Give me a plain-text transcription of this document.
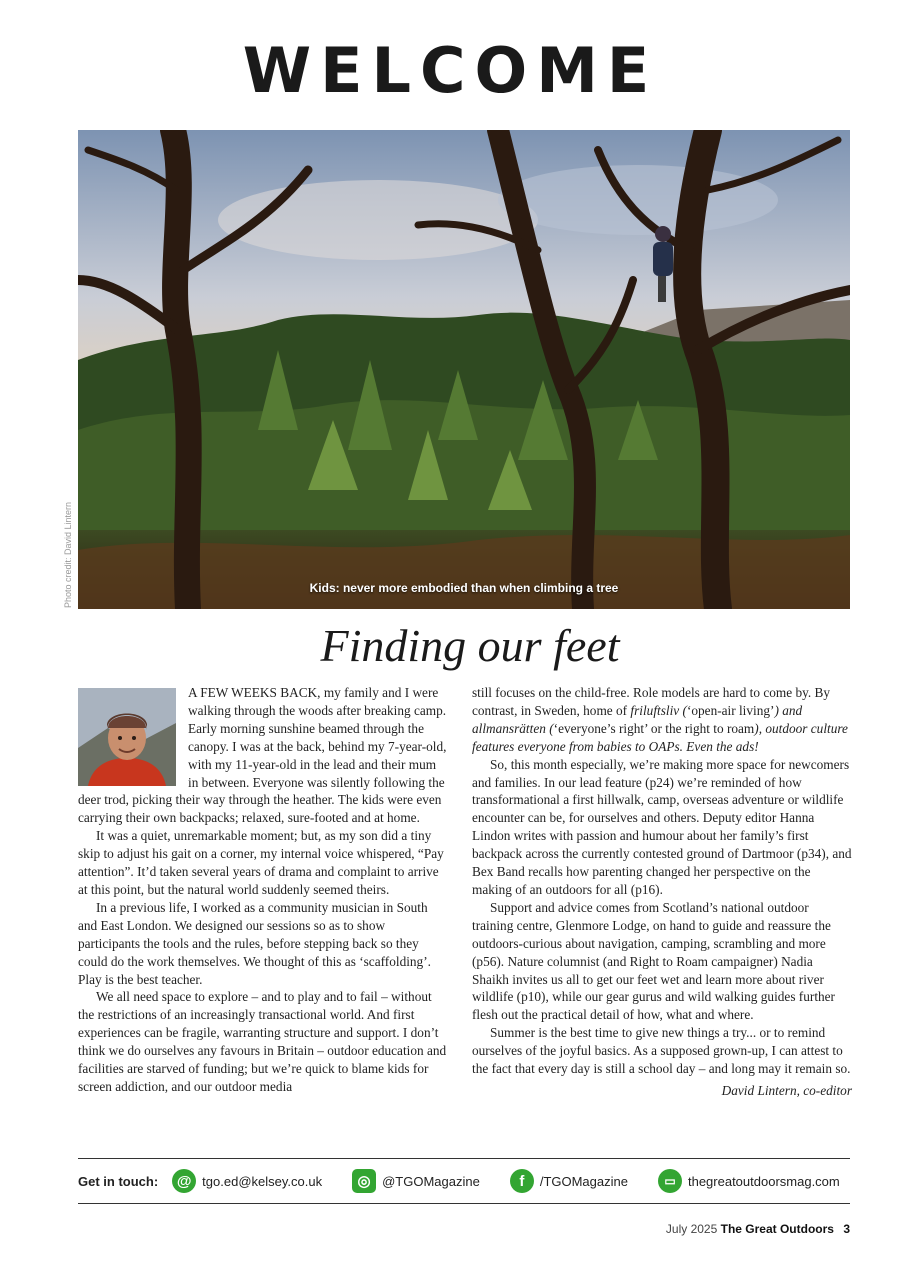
WELCOME
Kids: never more embodied than when climbing a tree
Photo credit: David Lintern
Finding our feet

A FEW WEEKS BACK, my family and I were walking through the woods after breaking camp. Early morning sunshine beamed through the canopy. I was at the back, behind my 7-year-old, with my 11-year-old in the lead and their mum in between. Everyone was silently following the deer trod, picking their way through the heather. The kids were even carrying their own backpacks; relaxed, sure-footed and at home.

It was a quiet, unremarkable moment; but, as my son did a tiny skip to adjust his gait on a corner, my internal voice whispered, “Pay attention”. It’d taken several years of drama and complaint to arrive at this point, but the natural world suddenly seemed theirs.

In a previous life, I worked as a community musician in South and East London. We designed our sessions so as to show participants the tools and the rules, before stepping back so they could do the work themselves. We thought of this as ‘scaffolding’. Play is the best teacher.

We all need space to explore – and to play and to fail – without the restrictions of an increasingly transactional world. And first experiences can be fragile, warranting structure and support. I don’t think we do ourselves any favours in Britain – outdoor education and facilities are starved of funding; but we’re quick to blame kids for screen addiction, and our outdoor media

still focuses on the child-free. Role models are hard to come by. By contrast, in Sweden, home of friluftsliv (‘open-air living’) and
allmansrätten (‘everyone’s right’ or the right to roam), outdoor culture features everyone from babies to OAPs. Even the ads!

So, this month especially, we’re making more space for newcomers and families. In our lead feature (p24) we’re reminded of how transformational a first hillwalk, camp, overseas adventure or wildlife encounter can be, for ourselves and others. Deputy editor Hanna Lindon writes with passion and humour about her family’s first backpack across the currently contested ground of Dartmoor (p34), and Bex Band recalls how parenting changed her perspective on the making of an outdoors for all (p16).

Support and advice comes from Scotland’s national outdoor training centre, Glenmore Lodge, on hand to guide and reassure the outdoors-curious about navigation, camping, scrambling and more (p56). Nature columnist (and Right to Roam campaigner) Nadia Shaikh invites us all to get our feet wet and learn more about river wildlife (p10), while our gear gurus and wild walking guides further flesh out the practical detail of how, what and where.

Summer is the best time to give new things a try... or to remind ourselves of the joyful basics. As a supposed grown-up, I can attest to the fact that every day is still a school day – and long may it remain so.

David Lintern, co-editor

Get in touch:	@ tgo.ed@kelsey.co.uk	◎ @TGOMagazine	f	/TGOMagazine	▭ thegreatoutdoorsmag.com
July 2025 The Great Outdoors 3
